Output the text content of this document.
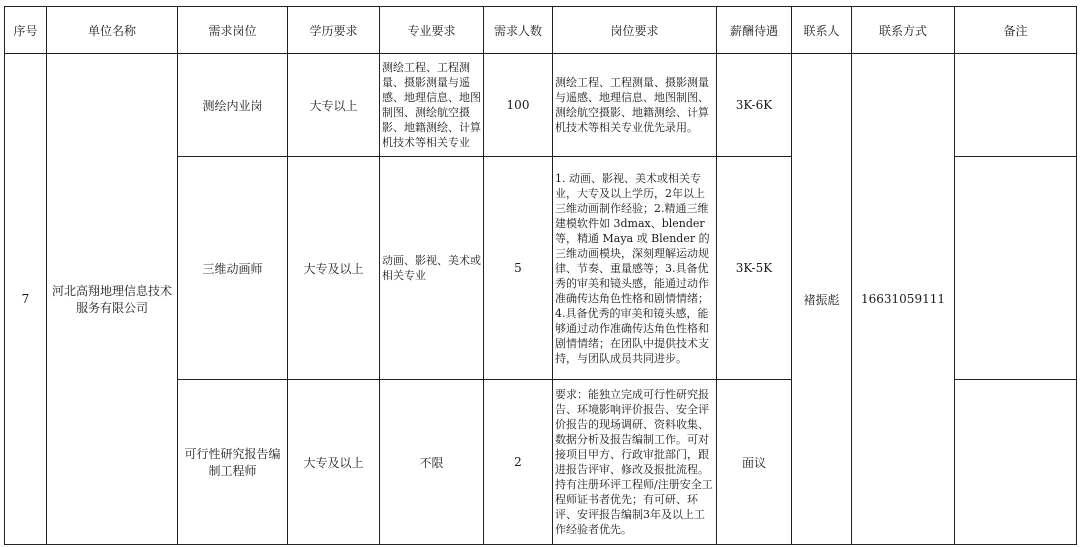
序号	单位名称	需求岗位	学历要求	专业要求	需求人数	岗位要求	薪酬待遇	联系人	联系方式	备注
7	河北高翔地理信息技术服务有限公司	测绘内业岗	大专以上	测绘工程、工程测量、摄影测量与遥感、地理信息、地图制图、测绘航空摄影、地籍测绘、计算机技术等相关专业	100	测绘工程、工程测量、摄影测量与遥感、地理信息、地图制图、测绘航空摄影、地籍测绘、计算机技术等相关专业优先录用。	3K-6K	褚振彪	16631059111	
		三维动画师	大专及以上	动画、影视、美术或相关专业	5	1. 动画、影视、美术或相关专业，大专及以上学历，2年以上三维动画制作经验；2.精通三维建模软件如 3dmax、blender 等，精通 Maya 或 Blender 的三维动画模块，深刻理解运动规律、节奏、重量感等；3.具备优秀的审美和镜头感，能通过动作准确传达角色性格和剧情情绪；4.具备优秀的审美和镜头感，能够通过动作准确传达角色性格和剧情情绪；在团队中提供技术支持，与团队成员共同进步。	3K-5K			
		可行性研究报告编制工程师	大专及以上	不限	2	要求：能独立完成可行性研究报告、环境影响评价报告、安全评价报告的现场调研、资料收集、数据分析及报告编制工作。可对接项目甲方、行政审批部门，跟进报告评审、修改及报批流程。持有注册环评工程师/注册安全工程师证书者优先；有可研、环评、安评报告编制3年及以上工作经验者优先。	面议			
